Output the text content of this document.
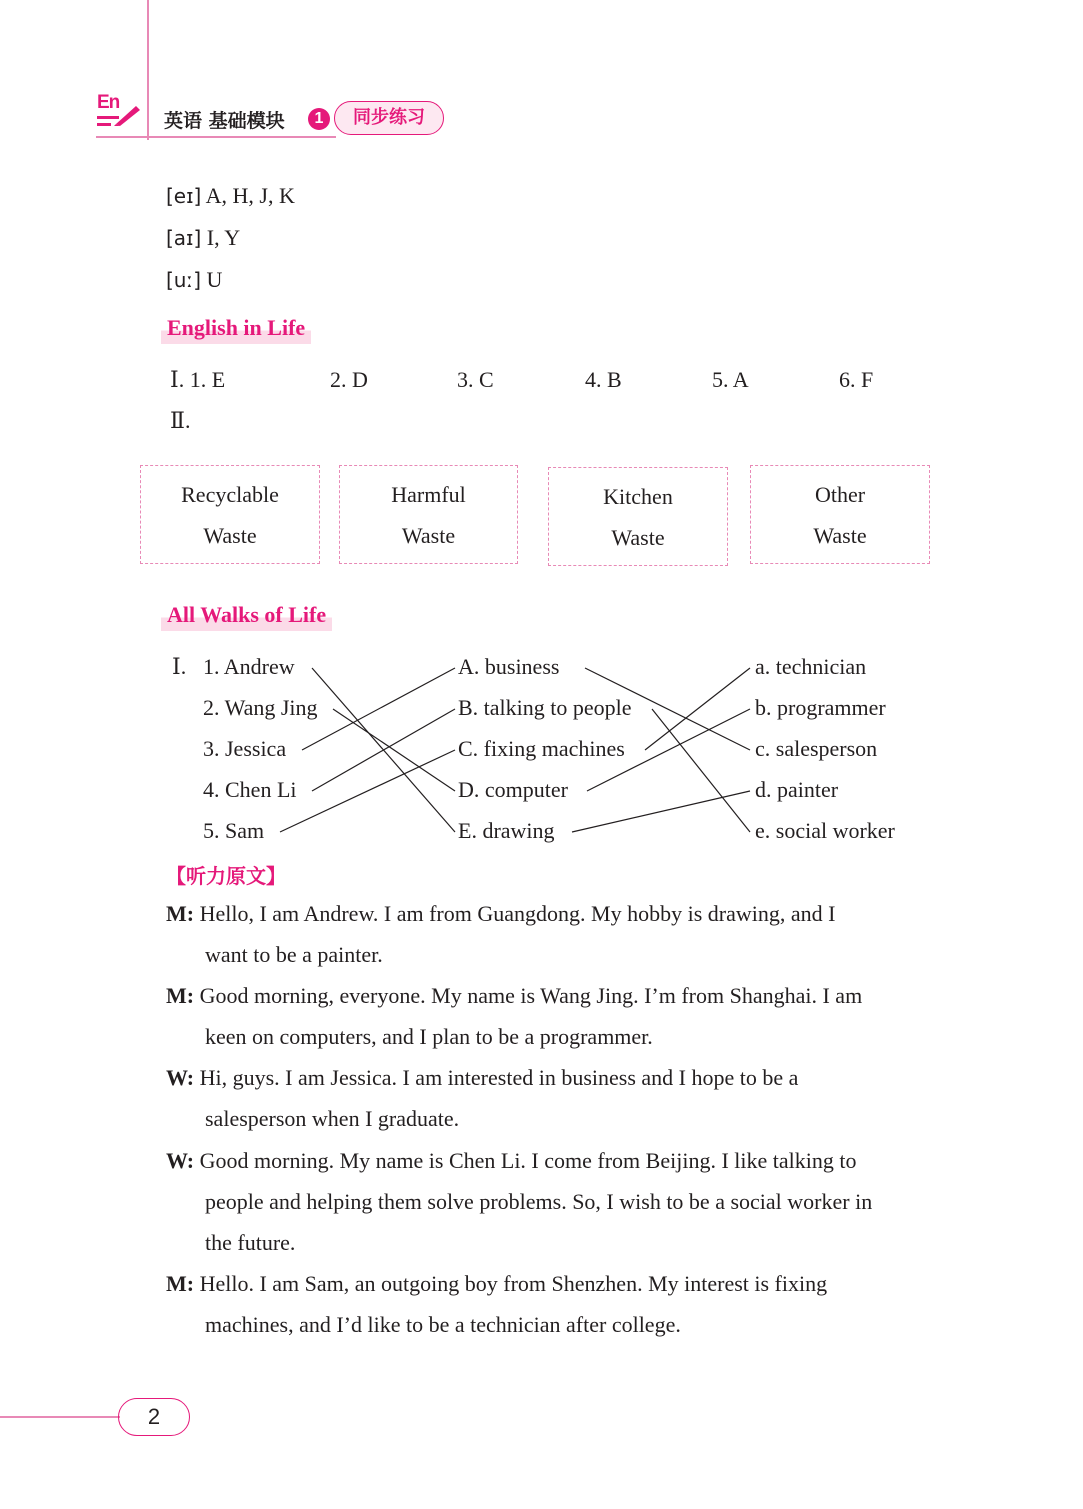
En
英语 基础模块	1	同步练习
[eɪ] A, H, J, K
[aɪ] I, Y
[uː] U
English in Life
Ⅰ. 1. E	2. D	3. C	4. B	5. A	6. F
Ⅱ.
Recyclable
Waste
Harmful
Waste
Kitchen
Waste
Other
Waste
All Walks of Life
Ⅰ. 1. Andrew
2. Wang Jing
3. Jessica
4. Chen Li
5. Sam
A. business
B. talking to people
C. fixing machines
D. computer
E. drawing
a. technician
b. programmer
c. salesperson
d. painter
e. social worker
【听力原文】
M: Hello, I am Andrew. I am from Guangdong. My hobby is drawing, and I
want to be a painter.
M: Good morning, everyone. My name is Wang Jing. I’m from Shanghai. I am
keen on computers, and I plan to be a programmer.
W: Hi, guys. I am Jessica. I am interested in business and I hope to be a
salesperson when I graduate.
W: Good morning. My name is Chen Li. I come from Beijing. I like talking to
people and helping them solve problems. So, I wish to be a social worker in
the future.
M: Hello. I am Sam, an outgoing boy from Shenzhen. My interest is fixing
machines, and I’d like to be a technician after college.
2
